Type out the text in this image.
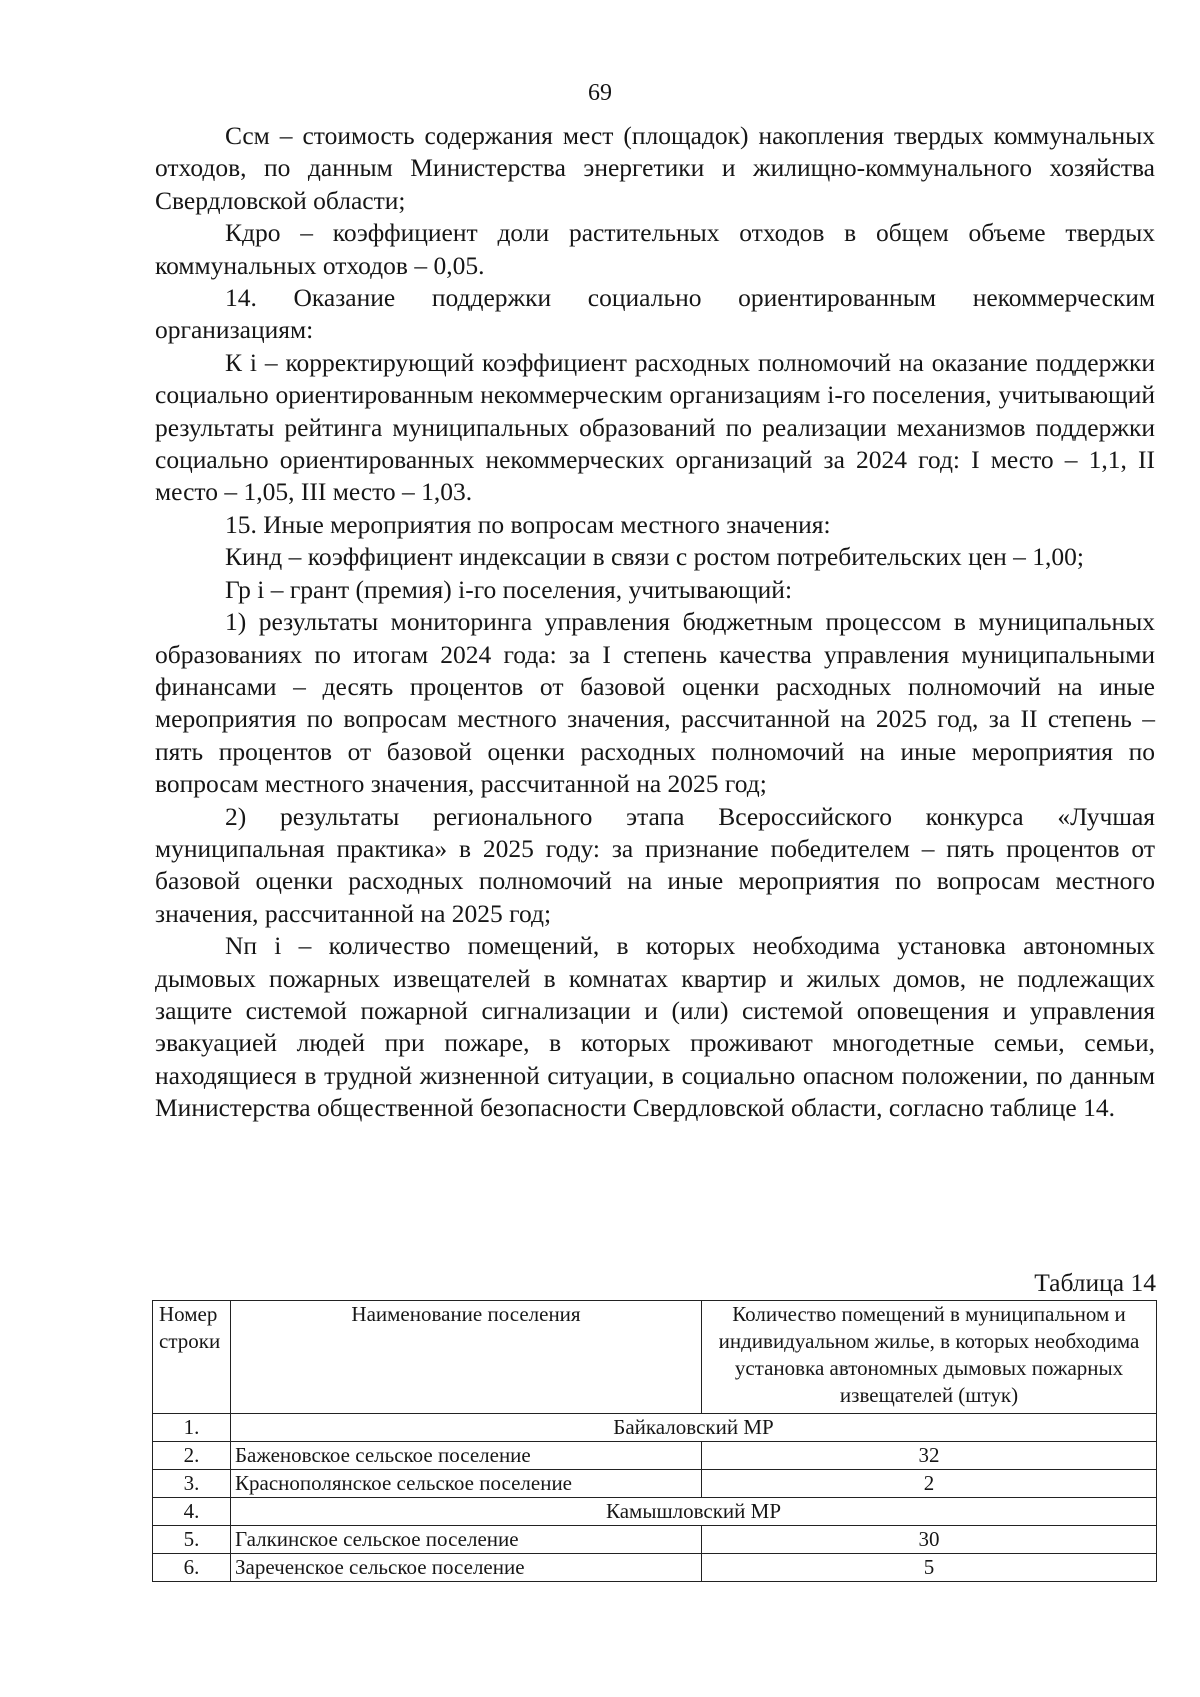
69

Ссм – стоимость содержания мест (площадок) накопления твердых коммунальных отходов, по данным Министерства энергетики и жилищно-коммунального хозяйства Свердловской области;

Кдро – коэффициент доли растительных отходов в общем объеме твердых коммунальных отходов – 0,05.

14. Оказание поддержки социально ориентированным некоммерческим организациям:

К i – корректирующий коэффициент расходных полномочий на оказание поддержки социально ориентированным некоммерческим организациям i-го поселения, учитывающий результаты рейтинга муниципальных образований по реализации механизмов поддержки социально ориентированных некоммерческих организаций за 2024 год: I место – 1,1, II место – 1,05, III место – 1,03.

15. Иные мероприятия по вопросам местного значения:

Кинд – коэффициент индексации в связи с ростом потребительских цен – 1,00;

Гр i – грант (премия) i-го поселения, учитывающий:

1) результаты мониторинга управления бюджетным процессом в муниципальных образованиях по итогам 2024 года: за I степень качества управления муниципальными финансами – десять процентов от базовой оценки расходных полномочий на иные мероприятия по вопросам местного значения, рассчитанной на 2025 год, за II степень – пять процентов от базовой оценки расходных полномочий на иные мероприятия по вопросам местного значения, рассчитанной на 2025 год;

2) результаты регионального этапа Всероссийского конкурса «Лучшая муниципальная практика» в 2025 году: за признание победителем – пять процентов от базовой оценки расходных полномочий на иные мероприятия по вопросам местного значения, рассчитанной на 2025 год;

Nп i – количество помещений, в которых необходима установка автономных дымовых пожарных извещателей в комнатах квартир и жилых домов, не подлежащих защите системой пожарной сигнализации и (или) системой оповещения и управления эвакуацией людей при пожаре, в которых проживают многодетные семьи, семьи, находящиеся в трудной жизненной ситуации, в социально опасном положении, по данным Министерства общественной безопасности Свердловской области, согласно таблице 14.

Таблица 14
Номер строки	Наименование поселения	Количество помещений в муниципальном и индивидуальном жилье, в которых необходима установка автономных дымовых пожарных извещателей (штук)
1.	Байкаловский МР	
2.	Баженовское сельское поселение	32
3.	Краснополянское сельское поселение	2
4.	Камышловский МР	
5.	Галкинское сельское поселение	30
6.	Зареченское сельское поселение	5
